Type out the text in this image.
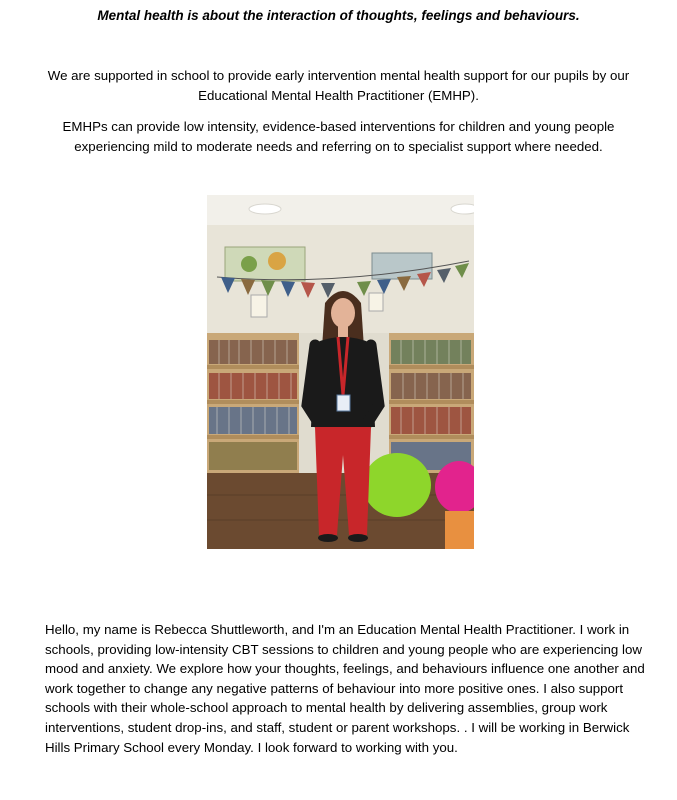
Mental health is about the interaction of thoughts, feelings and behaviours.
We are supported in school to provide early intervention mental health support for our pupils by our Educational Mental Health Practitioner (EMHP).
EMHPs can provide low intensity, evidence-based interventions for children and young people experiencing mild to moderate needs and referring on to specialist support where needed.
Hello, my name is Rebecca Shuttleworth, and I'm an Education Mental Health Practitioner. I work in schools, providing low-intensity CBT sessions to children and young people who are experiencing low mood and anxiety. We explore how your thoughts, feelings, and behaviours influence one another and work together to change any negative patterns of behaviour into more positive ones. I also support schools with their whole-school approach to mental health by delivering assemblies, group work interventions, student drop-ins, and staff, student or parent workshops. . I will be working in Berwick Hills Primary School every Monday. I look forward to working with you.
